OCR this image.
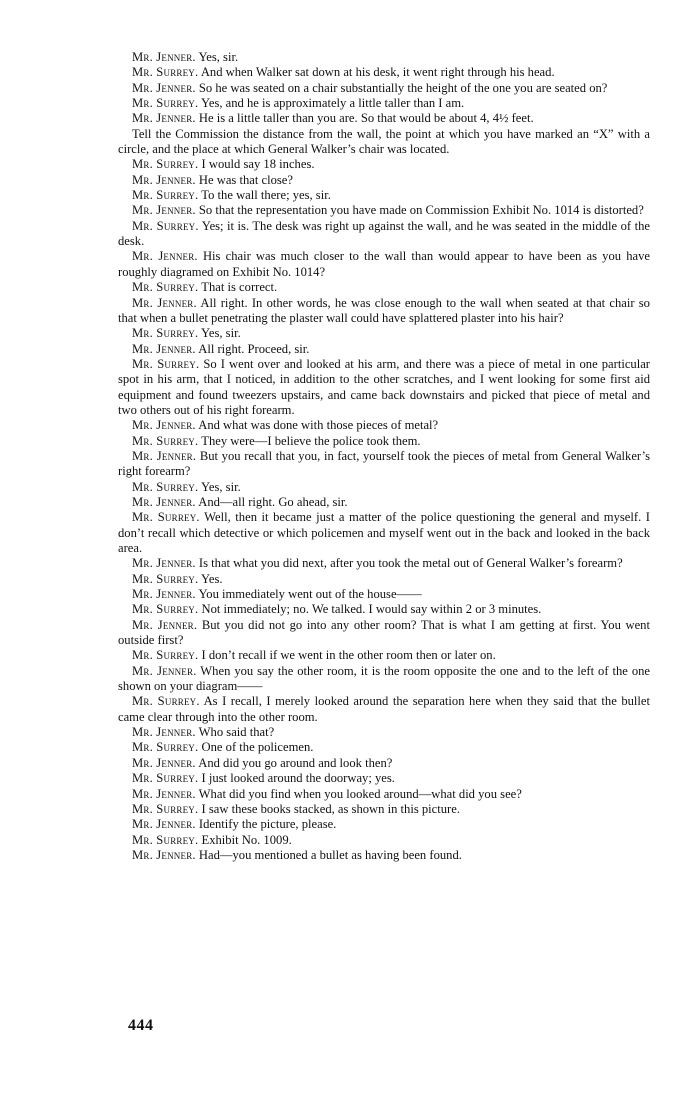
Mr. Jenner. Yes, sir.

Mr. Surrey. And when Walker sat down at his desk, it went right through his head.

Mr. Jenner. So he was seated on a chair substantially the height of the one you are seated on?

Mr. Surrey. Yes, and he is approximately a little taller than I am.

Mr. Jenner. He is a little taller than you are. So that would be about 4, 4½ feet.

Tell the Commission the distance from the wall, the point at which you have marked an “X” with a circle, and the place at which General Walker’s chair was located.

Mr. Surrey. I would say 18 inches.

Mr. Jenner. He was that close?

Mr. Surrey. To the wall there; yes, sir.

Mr. Jenner. So that the representation you have made on Commission Exhibit No. 1014 is distorted?

Mr. Surrey. Yes; it is. The desk was right up against the wall, and he was seated in the middle of the desk.

Mr. Jenner. His chair was much closer to the wall than would appear to have been as you have roughly diagramed on Exhibit No. 1014?

Mr. Surrey. That is correct.

Mr. Jenner. All right. In other words, he was close enough to the wall when seated at that chair so that when a bullet penetrating the plaster wall could have splattered plaster into his hair?

Mr. Surrey. Yes, sir.

Mr. Jenner. All right. Proceed, sir.

Mr. Surrey. So I went over and looked at his arm, and there was a piece of metal in one particular spot in his arm, that I noticed, in addition to the other scratches, and I went looking for some first aid equipment and found tweezers upstairs, and came back downstairs and picked that piece of metal and two others out of his right forearm.

Mr. Jenner. And what was done with those pieces of metal?

Mr. Surrey. They were—I believe the police took them.

Mr. Jenner. But you recall that you, in fact, yourself took the pieces of metal from General Walker’s right forearm?

Mr. Surrey. Yes, sir.

Mr. Jenner. And—all right. Go ahead, sir.

Mr. Surrey. Well, then it became just a matter of the police questioning the general and myself. I don’t recall which detective or which policemen and myself went out in the back and looked in the back area.

Mr. Jenner. Is that what you did next, after you took the metal out of General Walker’s forearm?

Mr. Surrey. Yes.

Mr. Jenner. You immediately went out of the house——

Mr. Surrey. Not immediately; no. We talked. I would say within 2 or 3 minutes.

Mr. Jenner. But you did not go into any other room? That is what I am getting at first. You went outside first?

Mr. Surrey. I don’t recall if we went in the other room then or later on.

Mr. Jenner. When you say the other room, it is the room opposite the one and to the left of the one shown on your diagram——

Mr. Surrey. As I recall, I merely looked around the separation here when they said that the bullet came clear through into the other room.

Mr. Jenner. Who said that?

Mr. Surrey. One of the policemen.

Mr. Jenner. And did you go around and look then?

Mr. Surrey. I just looked around the doorway; yes.

Mr. Jenner. What did you find when you looked around—what did you see?

Mr. Surrey. I saw these books stacked, as shown in this picture.

Mr. Jenner. Identify the picture, please.

Mr. Surrey. Exhibit No. 1009.

Mr. Jenner. Had—you mentioned a bullet as having been found.

444
